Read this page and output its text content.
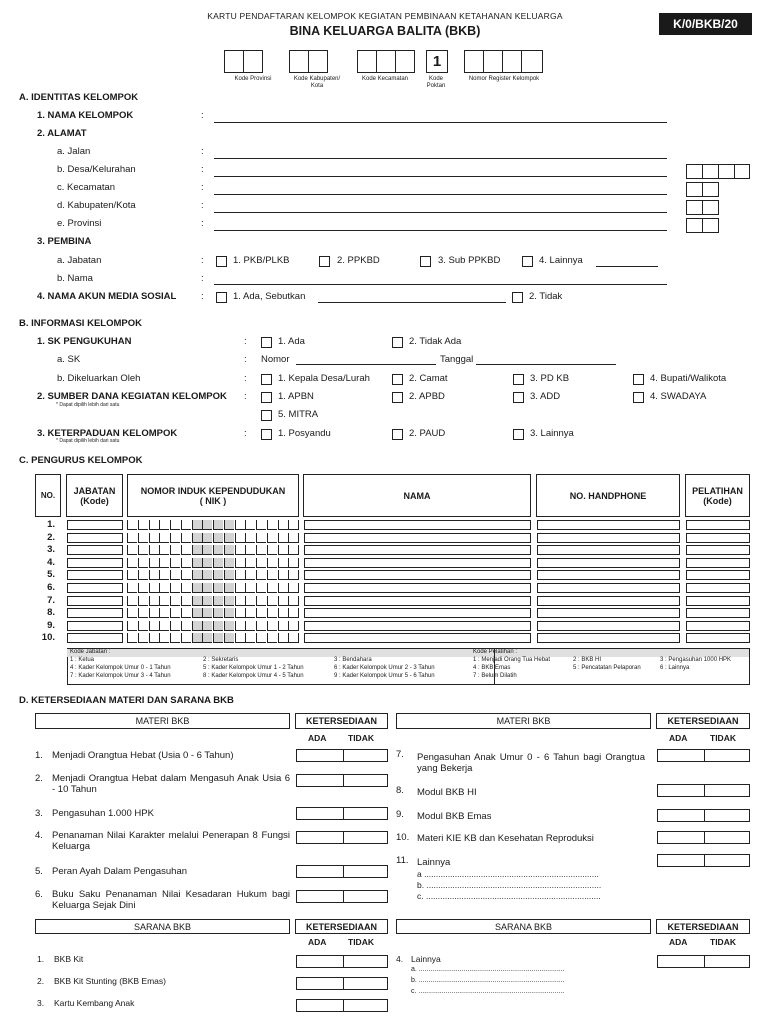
KARTU PENDAFTARAN KELOMPOK KEGIATAN PEMBINAAN KETAHANAN KELUARGA
BINA KELUARGA BALITA (BKB)	K/0/BKB/20
1
Kode Provinsi	Kode Kabupaten/
Kota
Kode Kecamatan	Kode
Poktan
Nomor Register Kelompok
A. IDENTITAS KELOMPOK
1. NAMA KELOMPOK	:
2. ALAMAT
a. Jalan	:
b. Desa/Kelurahan	:
c. Kecamatan	:
d. Kabupaten/Kota	:
e. Provinsi	:
3. PEMBINA
a. Jabatan	:	1. PKB/PLKB	2. PPKBD	3. Sub PPKBD	4. Lainnya
b. Nama	:
4. NAMA AKUN MEDIA SOSIAL	:	1. Ada, Sebutkan	2. Tidak
B. INFORMASI KELOMPOK
1. SK PENGUKUHAN	:	1. Ada	2. Tidak Ada
a. SK	: Nomor	Tanggal
b. Dikeluarkan Oleh	:	1. Kepala Desa/Lurah	2. Camat	3. PD KB	4. Bupati/Walikota
2. SUMBER DANA KEGIATAN KELOMPOK
* Dapat dipilih lebih dari satu
:	1. APBN	2. APBD	3. ADD	4. SWADAYA
5. MITRA
3. KETERPADUAN KELOMPOK
* Dapat dipilih lebih dari satu
:	1. Posyandu	2. PAUD	3. Lainnya
C. PENGURUS KELOMPOK
NO.	JABATAN
(Kode)
NOMOR INDUK KEPENDUDUKAN
( NIK )	NAMA	NO. HANDPHONE	PELATIHAN
(Kode)
1.
2.
3.
4.
5.
6.
7.
8.
9.
10.
Kode Jabatan :
1 : Ketua	2 : Sekretaris	3 : Bendahara
4 : Kader Kelompok Umur 0 - 1 Tahun	5 : Kader Kelompok Umur 1 - 2 Tahun	6 : Kader Kelompok Umur 2 - 3 Tahun
7 : Kader Kelompok Umur 3 - 4 Tahun	8 : Kader Kelompok Umur 4 - 5 Tahun	9 : Kader Kelompok Umur 5 - 6 Tahun
Kode Pelatihan :
1 : Menjadi Orang Tua Hebat	2 : BKB HI	3 : Pengasuhan 1000 HPK
4 : BKB Emas	5 : Pencatatan Pelaporan	6 : Lainnya
7 : Belum Dilatih
D. KETERSEDIAAN MATERI DAN SARANA BKB
MATERI BKB	KETERSEDIAAN
ADA	TIDAK
MATERI BKB	KETERSEDIAAN
ADA	TIDAK
1. Menjadi Orangtua Hebat (Usia 0 - 6 Tahun)
2. Menjadi Orangtua Hebat dalam Mengasuh Anak Usia 6 - 10 Tahun
3. Pengasuhan 1.000 HPK
4. Penanaman Nilai Karakter melalui Penerapan 8 Fungsi Keluarga
5. Peran Ayah Dalam Pengasuhan
6. Buku Saku Penanaman Nilai Kesadaran Hukum bagi Keluarga Sejak Dini
7. Pengasuhan Anak Umur 0 - 6 Tahun bagi Orangtua yang Bekerja
8. Modul BKB HI
9. Modul BKB Emas
10. Materi KIE KB dan Kesehatan Reproduksi
11. Lainnya
a ..........................................................................
b. ..........................................................................
c. ..........................................................................
SARANA BKB	KETERSEDIAAN
ADA	TIDAK
SARANA BKB	KETERSEDIAAN
ADA	TIDAK
1. BKB Kit
2. BKB Kit Stunting (BKB Emas)
3. Kartu Kembang Anak
4. Lainnya
a. ...........................................................................
b. ...........................................................................
c. ...........................................................................
